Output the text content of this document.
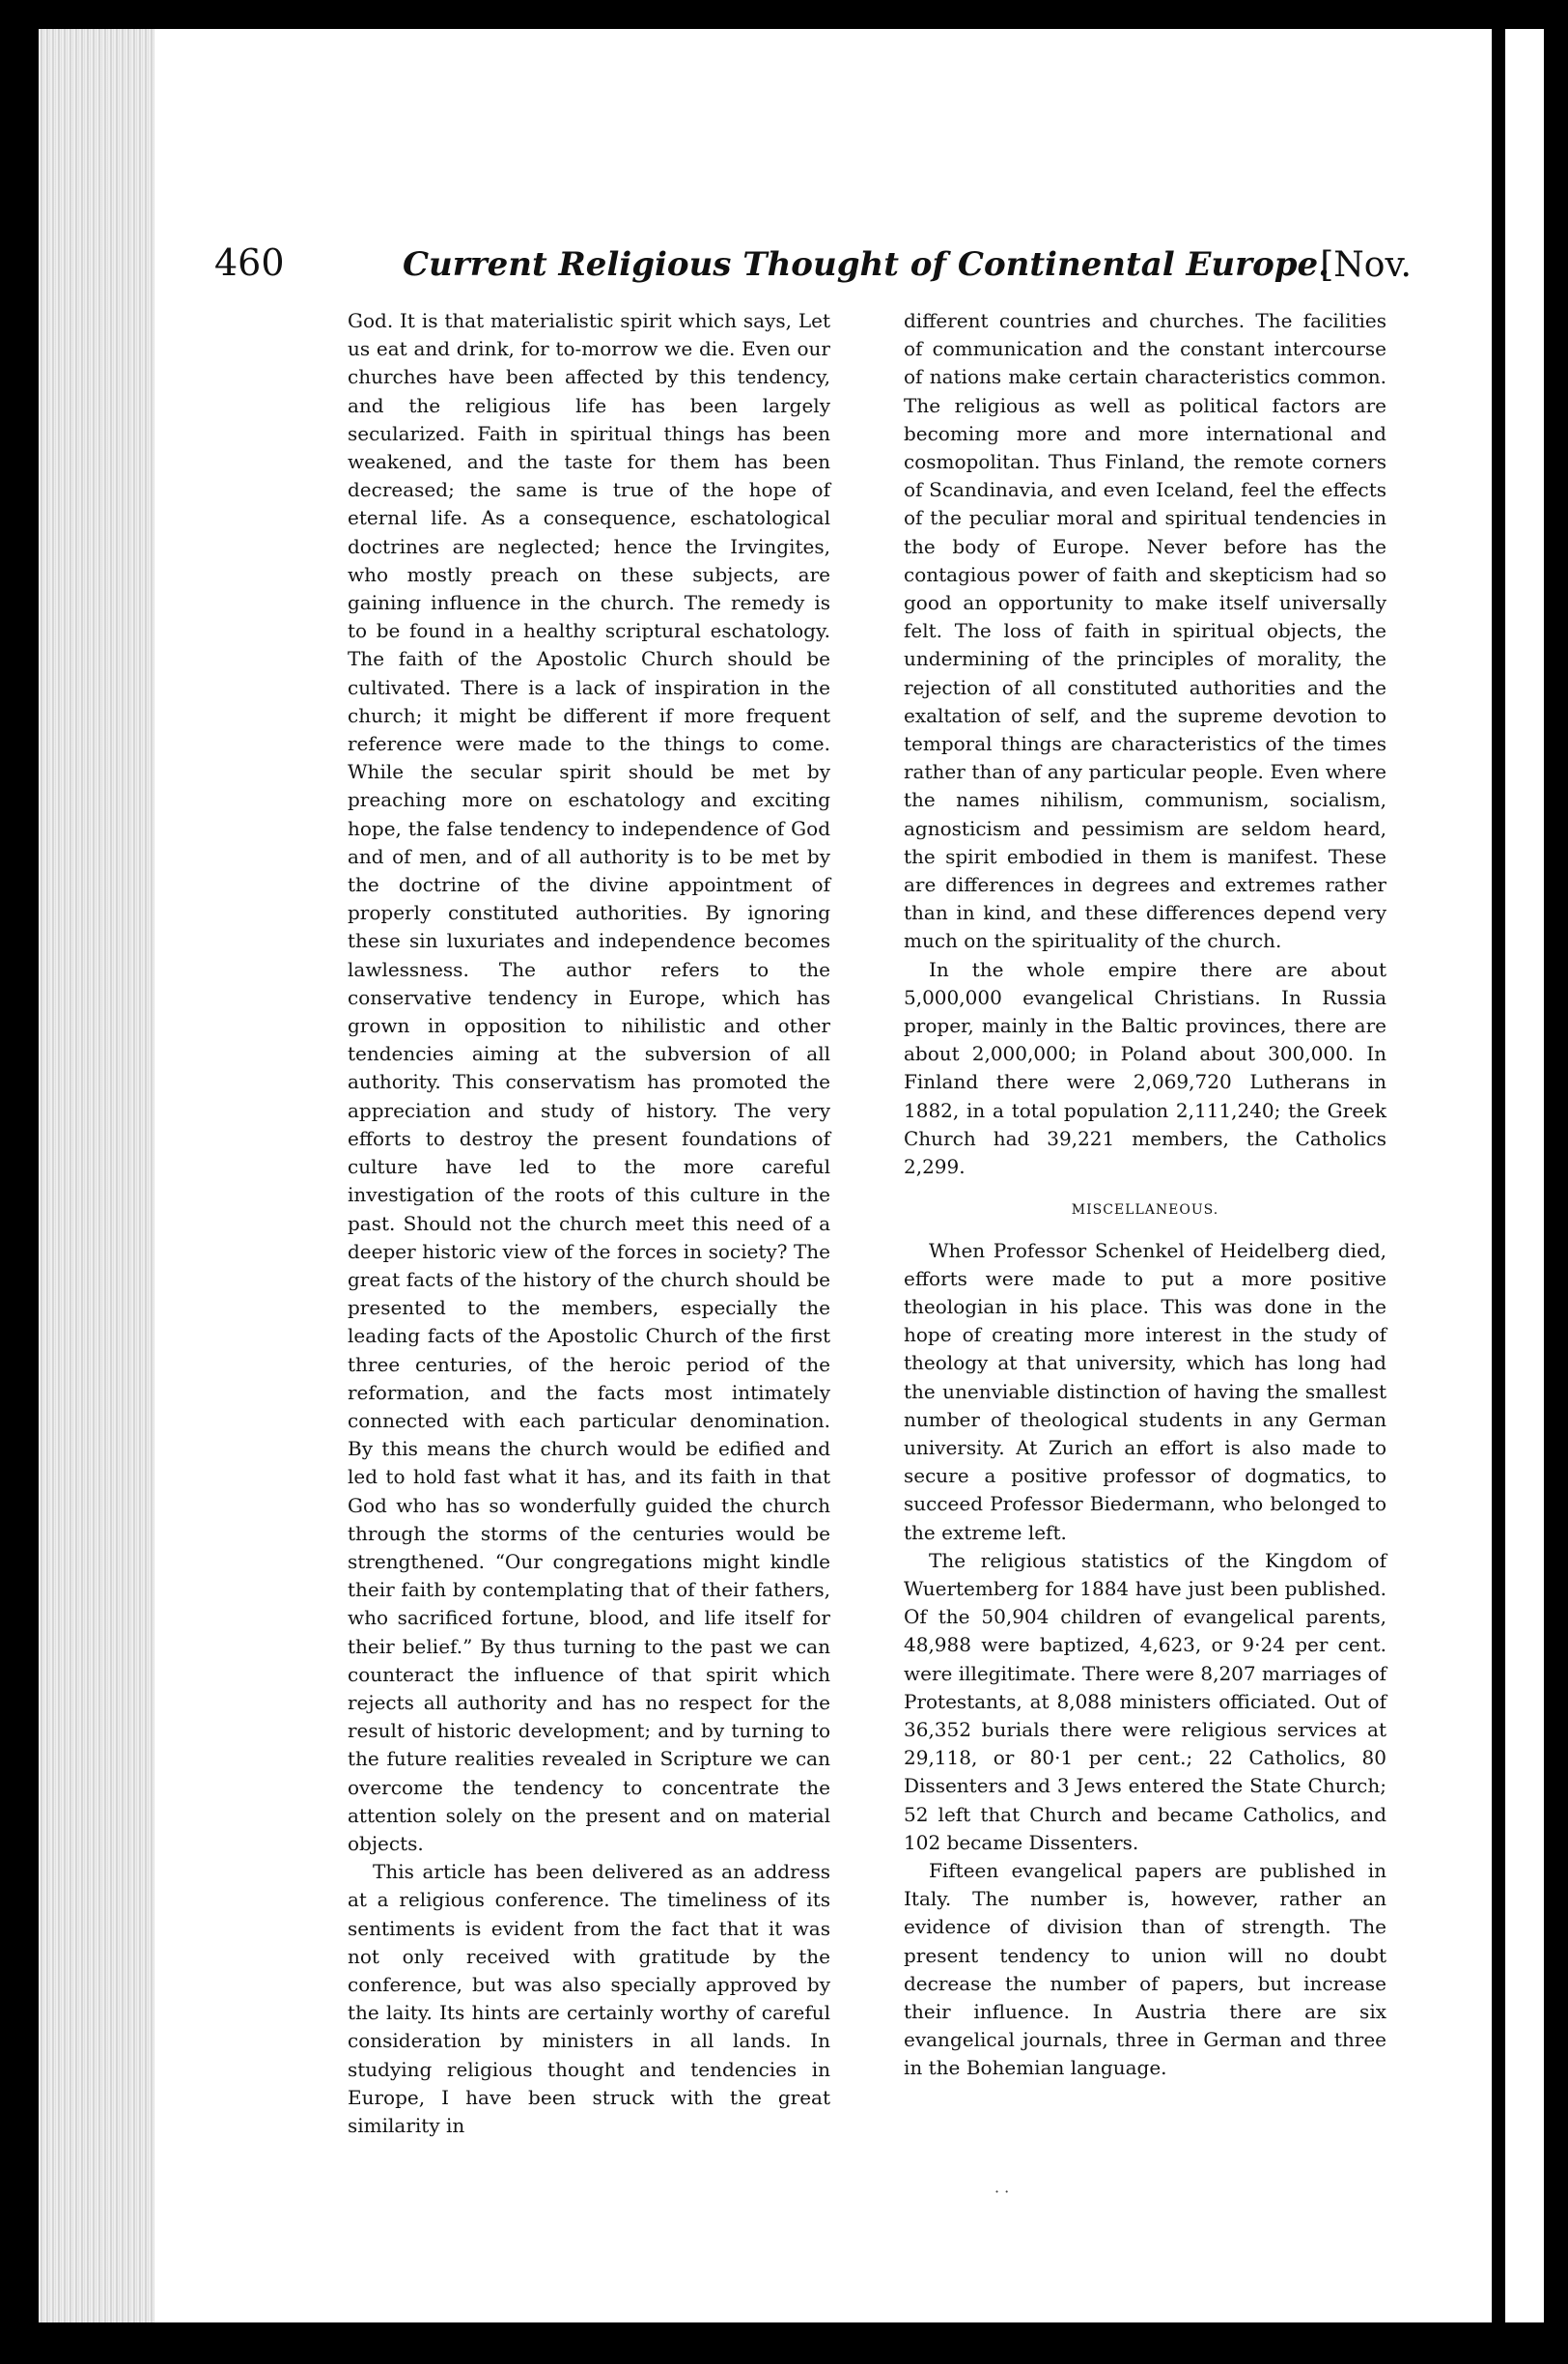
460	Current Religious Thought of Continental Europe.
[Nov.

God. It is that materialistic spirit which says, Let us eat and drink, for to-morrow we die. Even our churches have been affected by this tendency, and the religious life has been largely secularized. Faith in spiritual things has been weakened, and the taste for them has been decreased; the same is true of the hope of eternal life. As a consequence, eschatological doctrines are neglected; hence the Irvingites, who mostly preach on these subjects, are gaining influence in the church. The remedy is to be found in a healthy scriptural eschatology. The faith of the Apostolic Church should be cultivated. There is a lack of inspiration in the church; it might be different if more frequent reference were made to the things to come. While the secular spirit should be met by preaching more on eschatology and exciting hope, the false tendency to independence of God and of men, and of all authority is to be met by the doctrine of the divine appointment of properly constituted authorities. By ignoring these sin luxuriates and independence becomes lawlessness. The author refers to the conservative tendency in Europe, which has grown in opposition to nihilistic and other tendencies aiming at the subversion of all authority. This conservatism has promoted the appreciation and study of history. The very efforts to destroy the present foundations of culture have led to the more careful investigation of the roots of this culture in the past. Should not the church meet this need of a deeper historic view of the forces in society? The great facts of the history of the church should be presented to the members, especially the leading facts of the Apostolic Church of the first three centuries, of the heroic period of the reformation, and the facts most intimately connected with each particular denomination. By this means the church would be edified and led to hold fast what it has, and its faith in that God who has so wonderfully guided the church through the storms of the centuries would be strengthened. “Our congregations might kindle their faith by contemplating that of their fathers, who sacrificed fortune, blood, and life itself for their belief.” By thus turning to the past we can counteract the influence of that spirit which rejects all authority and has no respect for the result of historic development; and by turning to the future realities revealed in Scripture we can overcome the tendency to concentrate the attention solely on the present and on material objects.

This article has been delivered as an address at a religious conference. The timeliness of its sentiments is evident from the fact that it was not only received with gratitude by the conference, but was also specially approved by the laity. Its hints are certainly worthy of careful consideration by ministers in all lands. In studying religious thought and tendencies in Europe, I have been struck with the great similarity in

different countries and churches. The facilities of communication and the constant intercourse of nations make certain characteristics common. The religious as well as political factors are becoming more and more international and cosmopolitan. Thus Finland, the remote corners of Scandinavia, and even Iceland, feel the effects of the peculiar moral and spiritual tendencies in the body of Europe. Never before has the contagious power of faith and skepticism had so good an opportunity to make itself universally felt. The loss of faith in spiritual objects, the undermining of the principles of morality, the rejection of all constituted authorities and the exaltation of self, and the supreme devotion to temporal things are characteristics of the times rather than of any particular people. Even where the names nihilism, communism, socialism, agnosticism and pessimism are seldom heard, the spirit embodied in them is manifest. These are differences in degrees and extremes rather than in kind, and these differences depend very much on the spirituality of the church.

In the whole empire there are about 5,000,000 evangelical Christians. In Russia proper, mainly in the Baltic provinces, there are about 2,000,000; in Poland about 300,000. In Finland there were 2,069,720 Lutherans in 1882, in a total population 2,111,240; the Greek Church had 39,221 members, the Catholics 2,299.

MISCELLANEOUS.

When Professor Schenkel of Heidelberg died, efforts were made to put a more positive theologian in his place. This was done in the hope of creating more interest in the study of theology at that university, which has long had the unenviable distinction of having the smallest number of theological students in any German university. At Zurich an effort is also made to secure a positive professor of dogmatics, to succeed Professor Biedermann, who belonged to the extreme left.

The religious statistics of the Kingdom of Wuertemberg for 1884 have just been published. Of the 50,904 children of evangelical parents, 48,988 were baptized, 4,623, or 9·24 per cent. were illegitimate. There were 8,207 marriages of Protestants, at 8,088 ministers officiated. Out of 36,352 burials there were religious services at 29,118, or 80·1 per cent.; 22 Catholics, 80 Dissenters and 3 Jews entered the State Church; 52 left that Church and became Catholics, and 102 became Dissenters.

Fifteen evangelical papers are published in Italy. The number is, however, rather an evidence of division than of strength. The present tendency to union will no doubt decrease the number of papers, but increase their influence. In Austria there are six evangelical journals, three in German and three in the Bohemian language.

· ·
